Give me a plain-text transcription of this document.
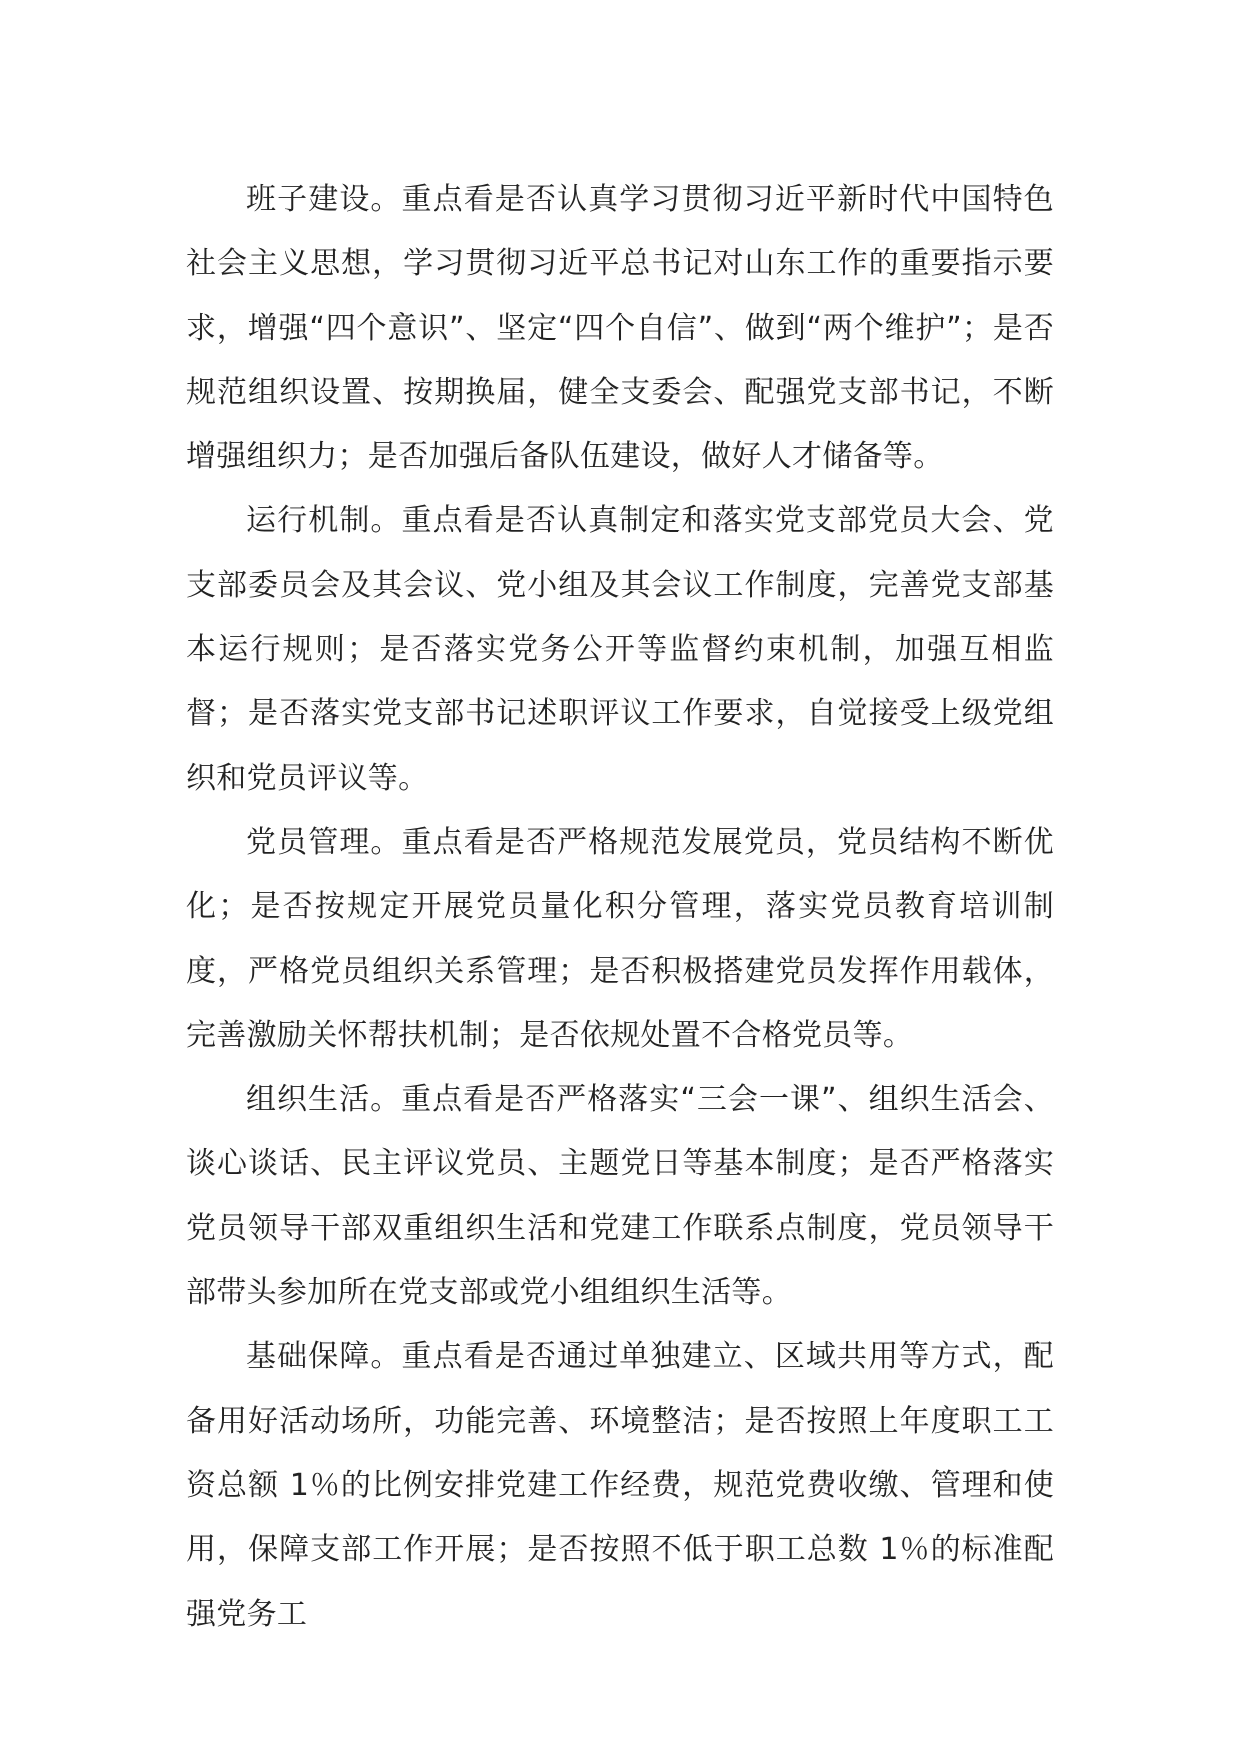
班子建设。重点看是否认真学习贯彻习近平新时代中国特色社会主义思想，学习贯彻习近平总书记对山东工作的重要指示要求，增强“四个意识”、坚定“四个自信”、做到“两个维护”；是否规范组织设置、按期换届，健全支委会、配强党支部书记，不断增强组织力；是否加强后备队伍建设，做好人才储备等。

运行机制。重点看是否认真制定和落实党支部党员大会、党支部委员会及其会议、党小组及其会议工作制度，完善党支部基本运行规则；是否落实党务公开等监督约束机制，加强互相监督；是否落实党支部书记述职评议工作要求，自觉接受上级党组织和党员评议等。

党员管理。重点看是否严格规范发展党员，党员结构不断优化；是否按规定开展党员量化积分管理，落实党员教育培训制度，严格党员组织关系管理；是否积极搭建党员发挥作用载体，完善激励关怀帮扶机制；是否依规处置不合格党员等。

组织生活。重点看是否严格落实“三会一课”、组织生活会、谈心谈话、民主评议党员、主题党日等基本制度；是否严格落实党员领导干部双重组织生活和党建工作联系点制度，党员领导干部带头参加所在党支部或党小组组织生活等。

基础保障。重点看是否通过单独建立、区域共用等方式，配备用好活动场所，功能完善、环境整洁；是否按照上年度职工工资总额 1％的比例安排党建工作经费，规范党费收缴、管理和使用，保障支部工作开展；是否按照不低于职工总数 1％的标准配强党务工
